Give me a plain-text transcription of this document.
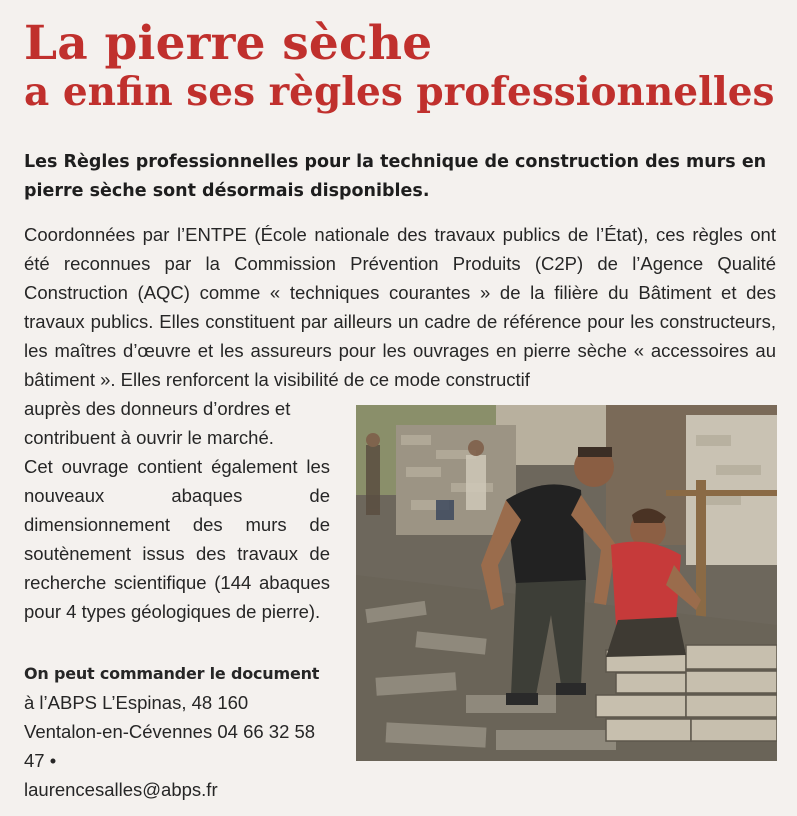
La pierre sèche
a enfin ses règles professionnelles

Les Règles professionnelles pour la technique de construction des murs en pierre sèche sont désormais disponibles.

Coordonnées par l’ENTPE (École nationale des travaux publics de l’État), ces règles ont été reconnues par la Commission Prévention Produits (C2P) de l’Agence Qualité Construction (AQC) comme « techniques courantes » de la filière du Bâtiment et des travaux publics. Elles constituent par ailleurs un cadre de référence pour les constructeurs, les maîtres d’œuvre et les assureurs pour les ouvrages en pierre sèche « accessoires au bâtiment ». Elles renforcent la visibilité de ce mode constructif

auprès des donneurs d’ordres et contribuent à ouvrir le marché.

Cet ouvrage contient également les nouveaux abaques de dimensionnement des murs de soutènement issus des travaux de recherche scientifique (144 abaques pour 4 types géologiques de pierre).

On peut commander le document
à l’ABPS L’Espinas, 48 160 Ventalon-en-Cévennes 04 66 32 58 47 •
laurencesalles@abps.fr
